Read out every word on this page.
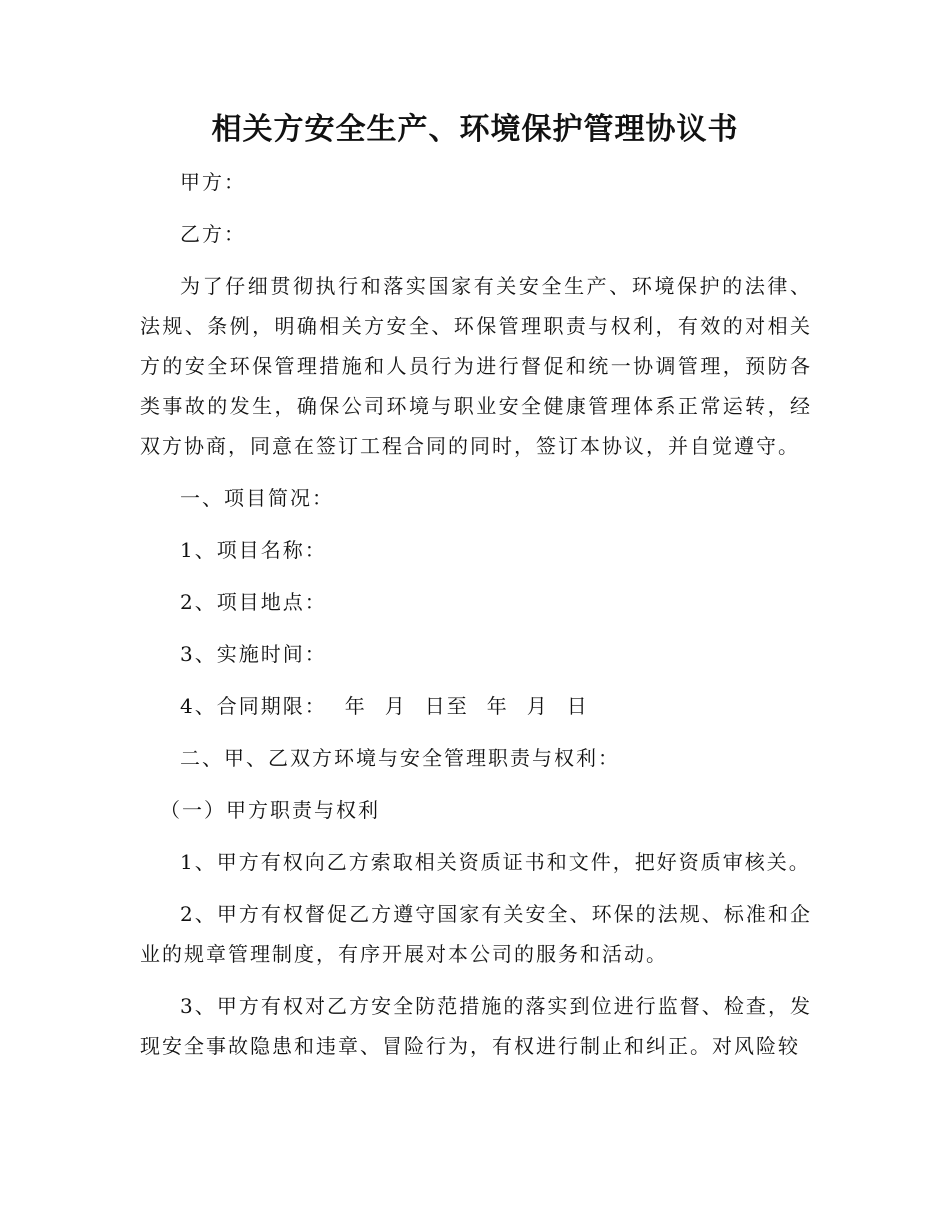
相关方安全生产、环境保护管理协议书

甲方：

乙方：

为了仔细贯彻执行和落实国家有关安全生产、环境保护的法律、法规、条例，明确相关方安全、环保管理职责与权利，有效的对相关方的安全环保管理措施和人员行为进行督促和统一协调管理，预防各类事故的发生，确保公司环境与职业安全健康管理体系正常运转，经双方协商，同意在签订工程合同的同时，签订本协议，并自觉遵守。

一、项目简况：

1、项目名称：

2、项目地点：

3、实施时间：

4、合同期限： 年 月 日至 年 月 日

二、甲、乙双方环境与安全管理职责与权利：

（一）甲方职责与权利

1、甲方有权向乙方索取相关资质证书和文件，把好资质审核关。

2、甲方有权督促乙方遵守国家有关安全、环保的法规、标准和企业的规章管理制度，有序开展对本公司的服务和活动。

3、甲方有权对乙方安全防范措施的落实到位进行监督、检查，发现安全事故隐患和违章、冒险行为，有权进行制止和纠正。对风险较
